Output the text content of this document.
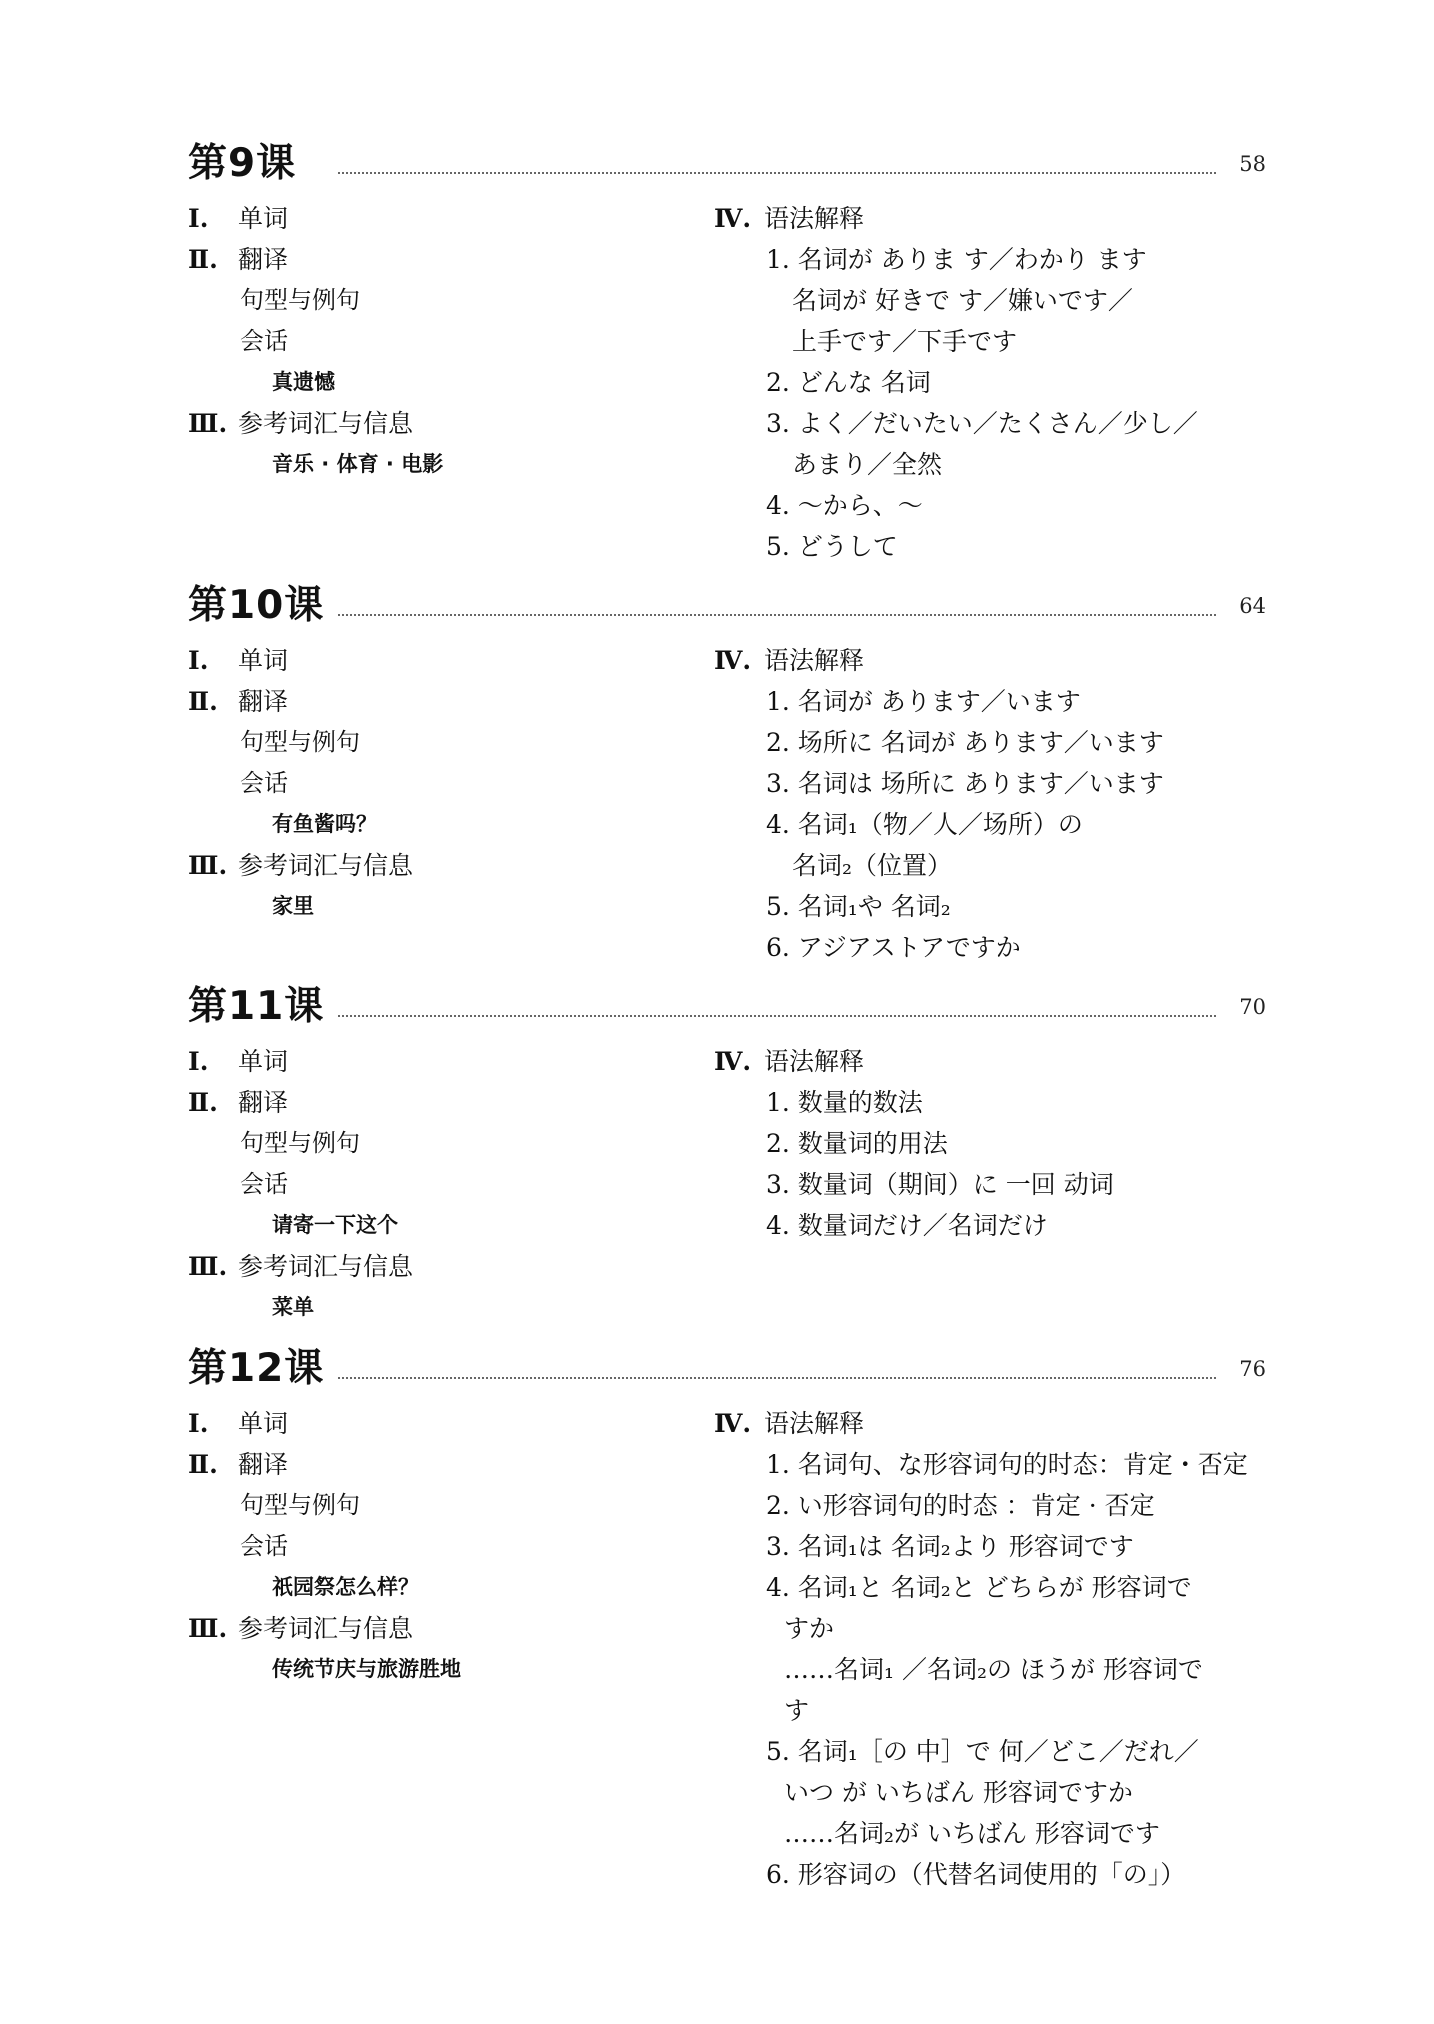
第9课	58
Ⅰ. 单词
Ⅱ. 翻译
句型与例句
会话
真遗憾
Ⅲ. 参考词汇与信息
音乐 · 体育 · 电影
Ⅳ. 语法解释
1. 名词が ありま す／わかり ます
名词が 好きで す／嫌いです／
上手です／下手です
2. どんな 名词
3. よく／だいたい／たくさん／少し／
あまり／全然
4. ～から、～
5. どうして
第10课	64
Ⅰ. 单词
Ⅱ. 翻译
句型与例句
会话
有鱼酱吗？
Ⅲ. 参考词汇与信息
家里
Ⅳ. 语法解释
1. 名词が あります／います
2. 场所に 名词が あります／います
3. 名词は 场所に あります／います
4. 名词₁（物／人／场所）の
名词₂（位置）
5. 名词₁や 名词₂
6. アジアストアですか
第11课	70
Ⅰ. 单词
Ⅱ. 翻译
句型与例句
会话
请寄一下这个
Ⅲ. 参考词汇与信息
菜单
Ⅳ. 语法解释
1. 数量的数法
2. 数量词的用法
3. 数量词（期间）に 一回 动词
4. 数量词だけ／名词だけ
第12课	76
Ⅰ. 单词
Ⅱ. 翻译
句型与例句
会话
祇园祭怎么样？
Ⅲ. 参考词汇与信息
传统节庆与旅游胜地
Ⅳ. 语法解释
1. 名词句、な形容词句的时态：肯定・否定
2. い形容词句的时态 ：肯定 · 否定
3. 名词₁は 名词₂より 形容词です
4. 名词₁と 名词₂と どちらが 形容词で
すか
……名词₁ ／名词₂の ほうが 形容词で
す
5. 名词₁［の 中］で 何／どこ／だれ／
いつ が いちばん 形容词ですか
……名词₂が いちばん 形容词です
6. 形容词の（代替名词使用的「の」）
